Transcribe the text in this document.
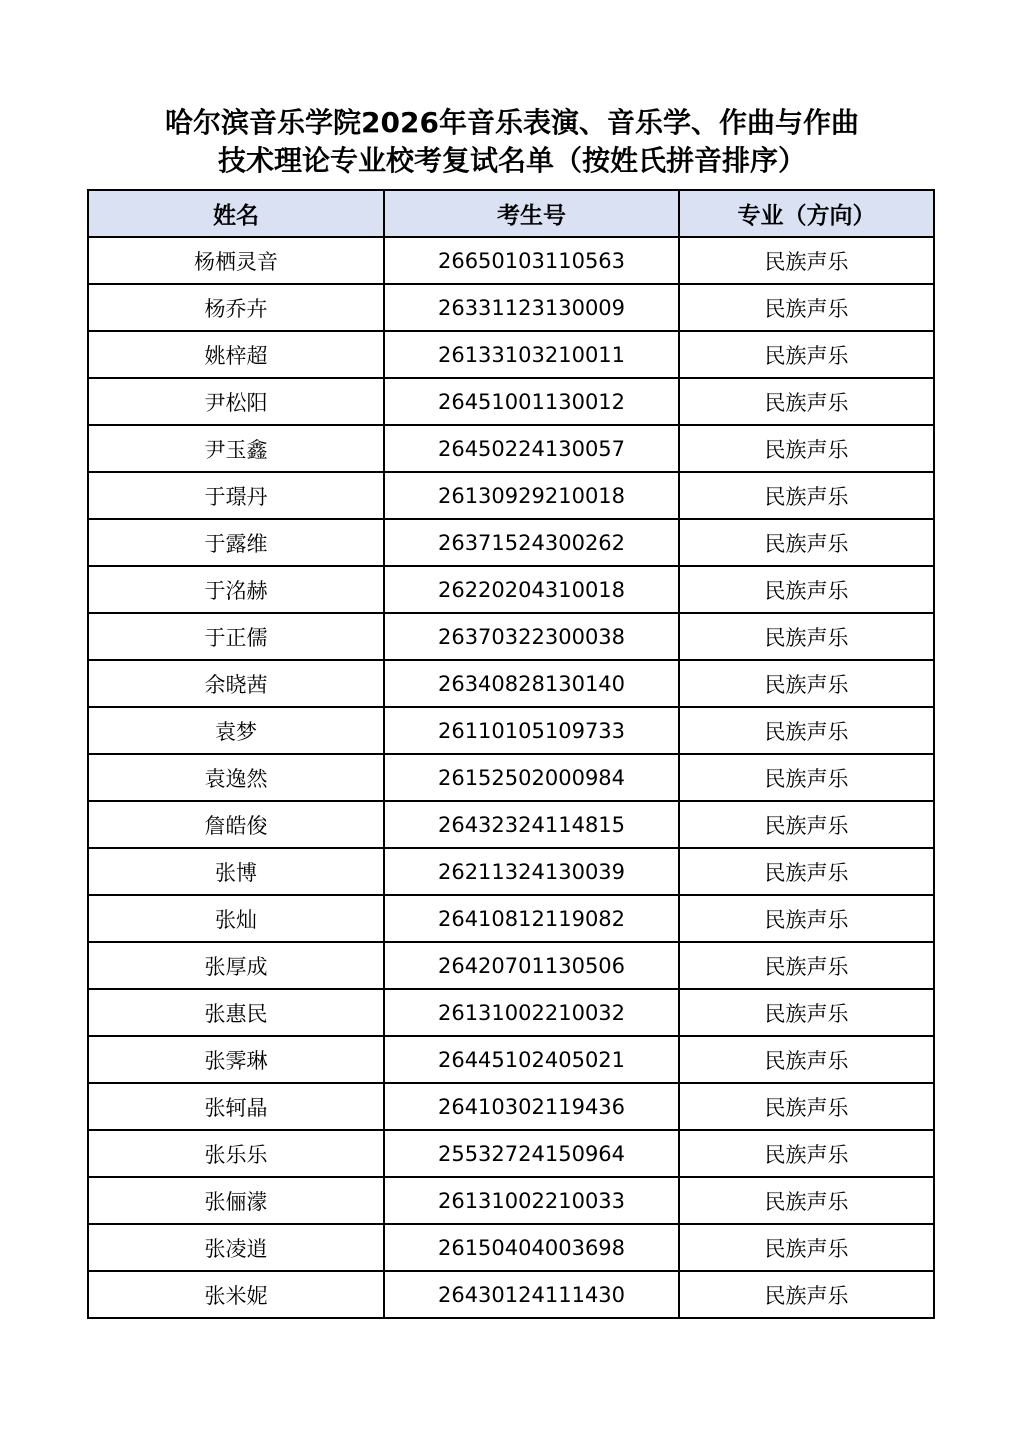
哈尔滨音乐学院2026年音乐表演、音乐学、作曲与作曲
技术理论专业校考复试名单（按姓氏拼音排序）
姓名	考生号	专业（方向）
杨栖灵音	26650103110563	民族声乐
杨乔卉	26331123130009	民族声乐
姚梓超	26133103210011	民族声乐
尹松阳	26451001130012	民族声乐
尹玉鑫	26450224130057	民族声乐
于璟丹	26130929210018	民族声乐
于露维	26371524300262	民族声乐
于洺赫	26220204310018	民族声乐
于正儒	26370322300038	民族声乐
余晓茜	26340828130140	民族声乐
袁梦	26110105109733	民族声乐
袁逸然	26152502000984	民族声乐
詹皓俊	26432324114815	民族声乐
张博	26211324130039	民族声乐
张灿	26410812119082	民族声乐
张厚成	26420701130506	民族声乐
张惠民	26131002210032	民族声乐
张霁琳	26445102405021	民族声乐
张轲晶	26410302119436	民族声乐
张乐乐	25532724150964	民族声乐
张俪濛	26131002210033	民族声乐
张凌逍	26150404003698	民族声乐
张米妮	26430124111430	民族声乐
